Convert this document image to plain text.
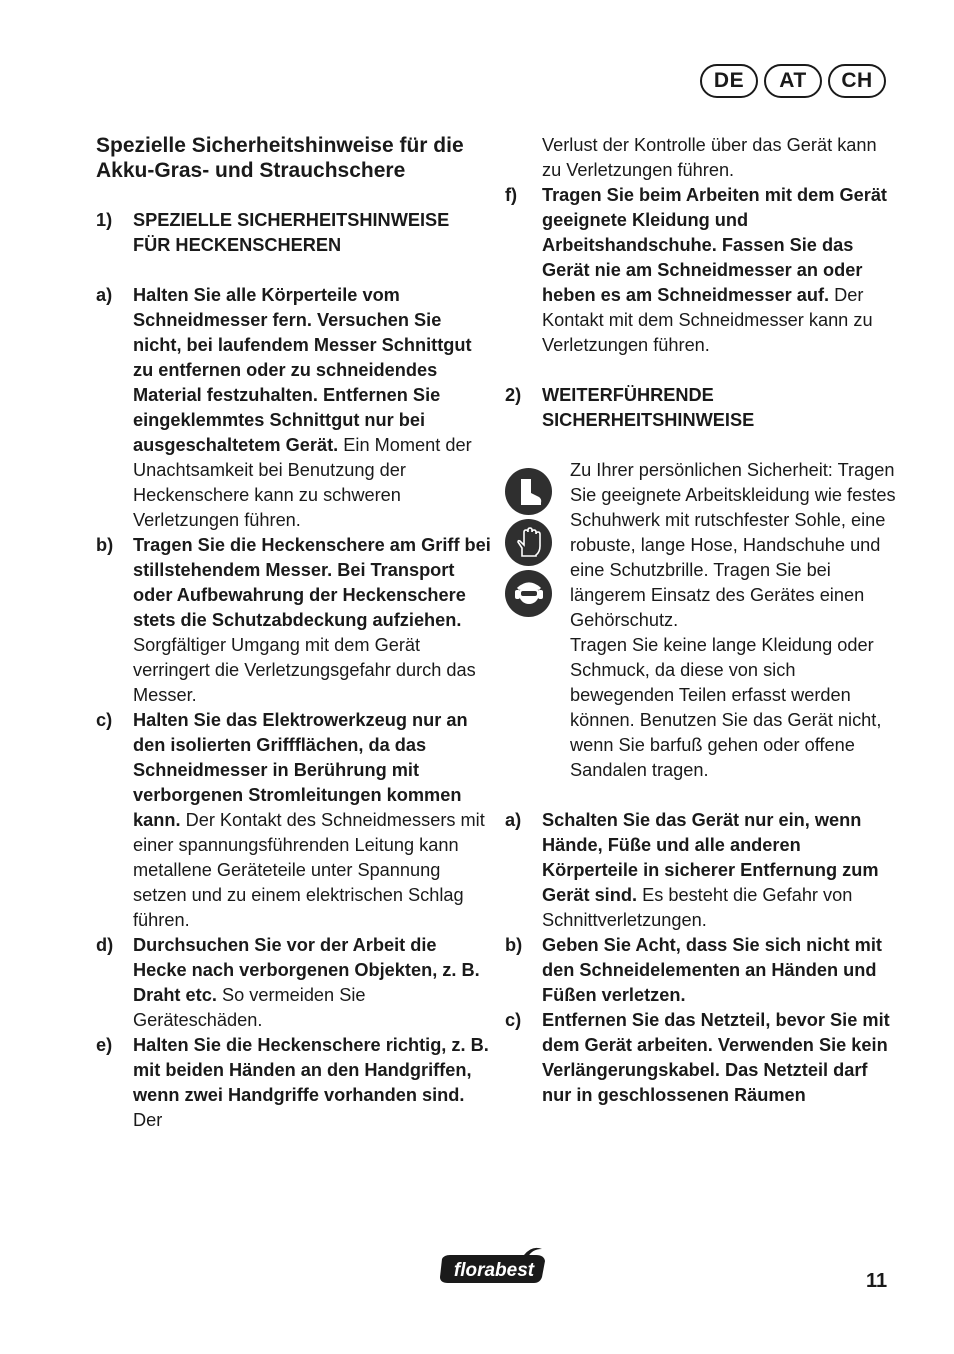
DE	AT	CH
Spezielle Sicherheitshinweise für die Akku-Gras- und Strauchschere
1)	SPEZIELLE SICHERHEITSHINWEISE FÜR HECKENSCHEREN
a)	Halten Sie alle Körperteile vom Schneidmesser fern. Versuchen Sie nicht, bei laufendem Messer Schnittgut zu entfernen oder zu schneidendes Material festzuhalten. Entfernen Sie eingeklemmtes Schnittgut nur bei ausgeschaltetem Gerät. Ein Moment der Unachtsamkeit bei Benutzung der Heckenschere kann zu schweren Verletzungen führen.
b)	Tragen Sie die Heckenschere am Griff bei stillstehendem Messer. Bei Transport oder Aufbewahrung der Heckenschere stets die Schutzabdeckung aufziehen. Sorgfältiger Umgang mit dem Gerät verringert die Verletzungsgefahr durch das Messer.
c)	Halten Sie das Elektrowerkzeug nur an den isolierten Griffflächen, da das Schneidmesser in Berührung mit verborgenen Stromleitungen kommen kann. Der Kontakt des Schneidmessers mit einer spannungsführenden Leitung kann metallene Geräteteile unter Spannung setzen und zu einem elektrischen Schlag führen.
d)	Durchsuchen Sie vor der Arbeit die Hecke nach verborgenen Objekten, z. B. Draht etc. So vermeiden Sie Geräteschäden.
e)	Halten Sie die Heckenschere richtig, z. B. mit beiden Händen an den Handgriffen, wenn zwei Handgriffe vorhanden sind. Der
Verlust der Kontrolle über das Gerät kann zu Verletzungen führen.
f)	Tragen Sie beim Arbeiten mit dem Gerät geeignete Kleidung und Arbeitshandschuhe. Fassen Sie das Gerät nie am Schneidmesser an oder heben es am Schneidmesser auf. Der Kontakt mit dem Schneidmesser kann zu Verletzungen führen.
2)	WEITERFÜHRENDE SICHERHEITSHINWEISE
Zu Ihrer persönlichen Sicherheit: Tragen Sie geeignete Arbeitskleidung wie festes Schuhwerk mit rutschfester Sohle, eine robuste, lange Hose, Handschuhe und eine Schutzbrille. Tragen Sie bei längerem Einsatz des Gerätes einen Gehörschutz.
Tragen Sie keine lange Kleidung oder Schmuck, da diese von sich bewegenden Teilen erfasst werden können. Benutzen Sie das Gerät nicht, wenn Sie barfuß gehen oder offene Sandalen tragen.
a)	Schalten Sie das Gerät nur ein, wenn Hände, Füße und alle anderen Körperteile in sicherer Entfernung zum Gerät sind. Es besteht die Gefahr von Schnittverletzungen.
b)	Geben Sie Acht, dass Sie sich nicht mit den Schneidelementen an Händen und Füßen verletzen.
c)	Entfernen Sie das Netzteil, bevor Sie mit dem Gerät arbeiten. Verwenden Sie kein Verlängerungskabel. Das Netzteil darf nur in geschlossenen Räumen
florabest	11
